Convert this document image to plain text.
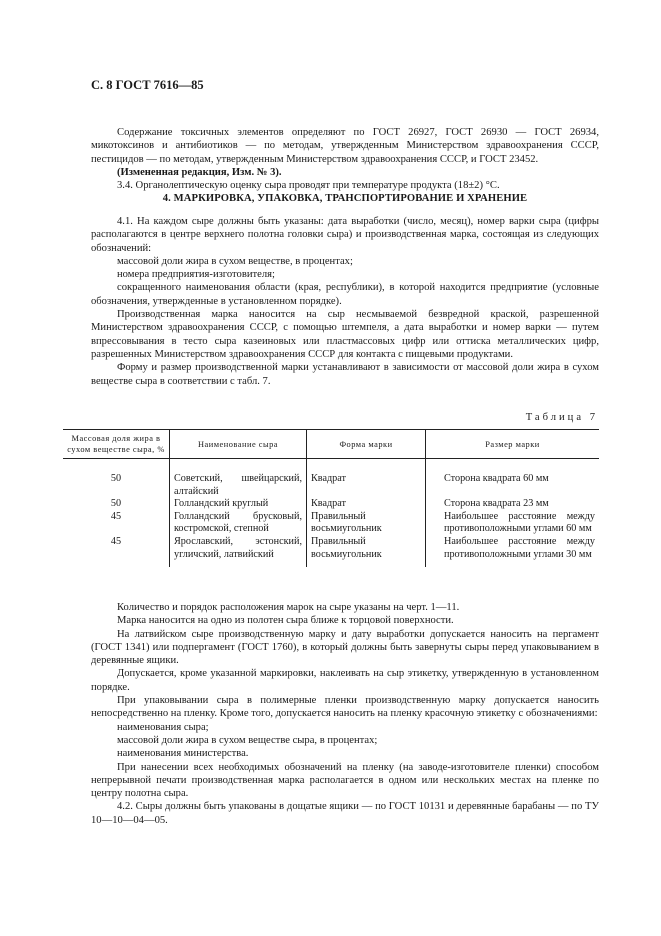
С. 8 ГОСТ 7616—85

Содержание токсичных элементов определяют по ГОСТ 26927, ГОСТ 26930 — ГОСТ 26934, микотоксинов и антибиотиков — по методам, утвержденным Министерством здравоохранения СССР, пестицидов — по методам, утвержденным Министерством здравоохранения СССР, и ГОСТ 23452.

(Измененная редакция, Изм. № 3).

3.4. Органолептическую оценку сыра проводят при температуре продукта (18±2) °С.

4. МАРКИРОВКА, УПАКОВКА, ТРАНСПОРТИРОВАНИЕ И ХРАНЕНИЕ

4.1. На каждом сыре должны быть указаны: дата выработки (число, месяц), номер варки сыра (цифры располагаются в центре верхнего полотна головки сыра) и производственная марка, состоящая из следующих обозначений:

массовой доли жира в сухом веществе, в процентах;

номера предприятия-изготовителя;

сокращенного наименования области (края, республики), в которой находится предприятие (условные обозначения, утвержденные в установленном порядке).

Производственная марка наносится на сыр несмываемой безвредной краской, разрешенной Министерством здравоохранения СССР, с помощью штемпеля, а дата выработки и номер варки — путем впрессовывания в тесто сыра казеиновых или пластмассовых цифр или оттиска металлических цифр, разрешенных Министерством здравоохранения СССР для контакта с пищевыми продуктами.

Форму и размер производственной марки устанавливают в зависимости от массовой доли жира в сухом веществе сыра в соответствии с табл. 7.

Таблица 7
Массовая доля жира в сухом веществе сыра, %	Наименование сыра	Форма марки	Размер марки
50	Советский, швейцарский, алтайский	Квадрат	Сторона квадрата 60 мм
50	Голландский круглый	Квадрат	Сторона квадрата 23 мм
45	Голландский брусковый, костромской, степной	Правильный восьмиугольник	Наибольшее расстояние между противоположными углами 60 мм
45	Ярославский, эстонский, угличский, латвийский	Правильный восьмиугольник	Наибольшее расстояние между противоположными углами 30 мм

Количество и порядок расположения марок на сыре указаны на черт. 1—11.

Марка наносится на одно из полотен сыра ближе к торцовой поверхности.

На латвийском сыре производственную марку и дату выработки допускается наносить на пергамент (ГОСТ 1341) или подпергамент (ГОСТ 1760), в который должны быть завернуты сыры перед упаковыванием в деревянные ящики.

Допускается, кроме указанной маркировки, наклеивать на сыр этикетку, утвержденную в установленном порядке.

При упаковывании сыра в полимерные пленки производственную марку допускается наносить непосредственно на пленку. Кроме того, допускается наносить на пленку красочную этикетку с обозначениями:

наименования сыра;

массовой доли жира в сухом веществе сыра, в процентах;

наименования министерства.

При нанесении всех необходимых обозначений на пленку (на заводе-изготовителе пленки) способом непрерывной печати производственная марка располагается в одном или нескольких местах на пленке по центру полотна сыра.

4.2. Сыры должны быть упакованы в дощатые ящики — по ГОСТ 10131 и деревянные барабаны — по ТУ 10—10—04—05.
